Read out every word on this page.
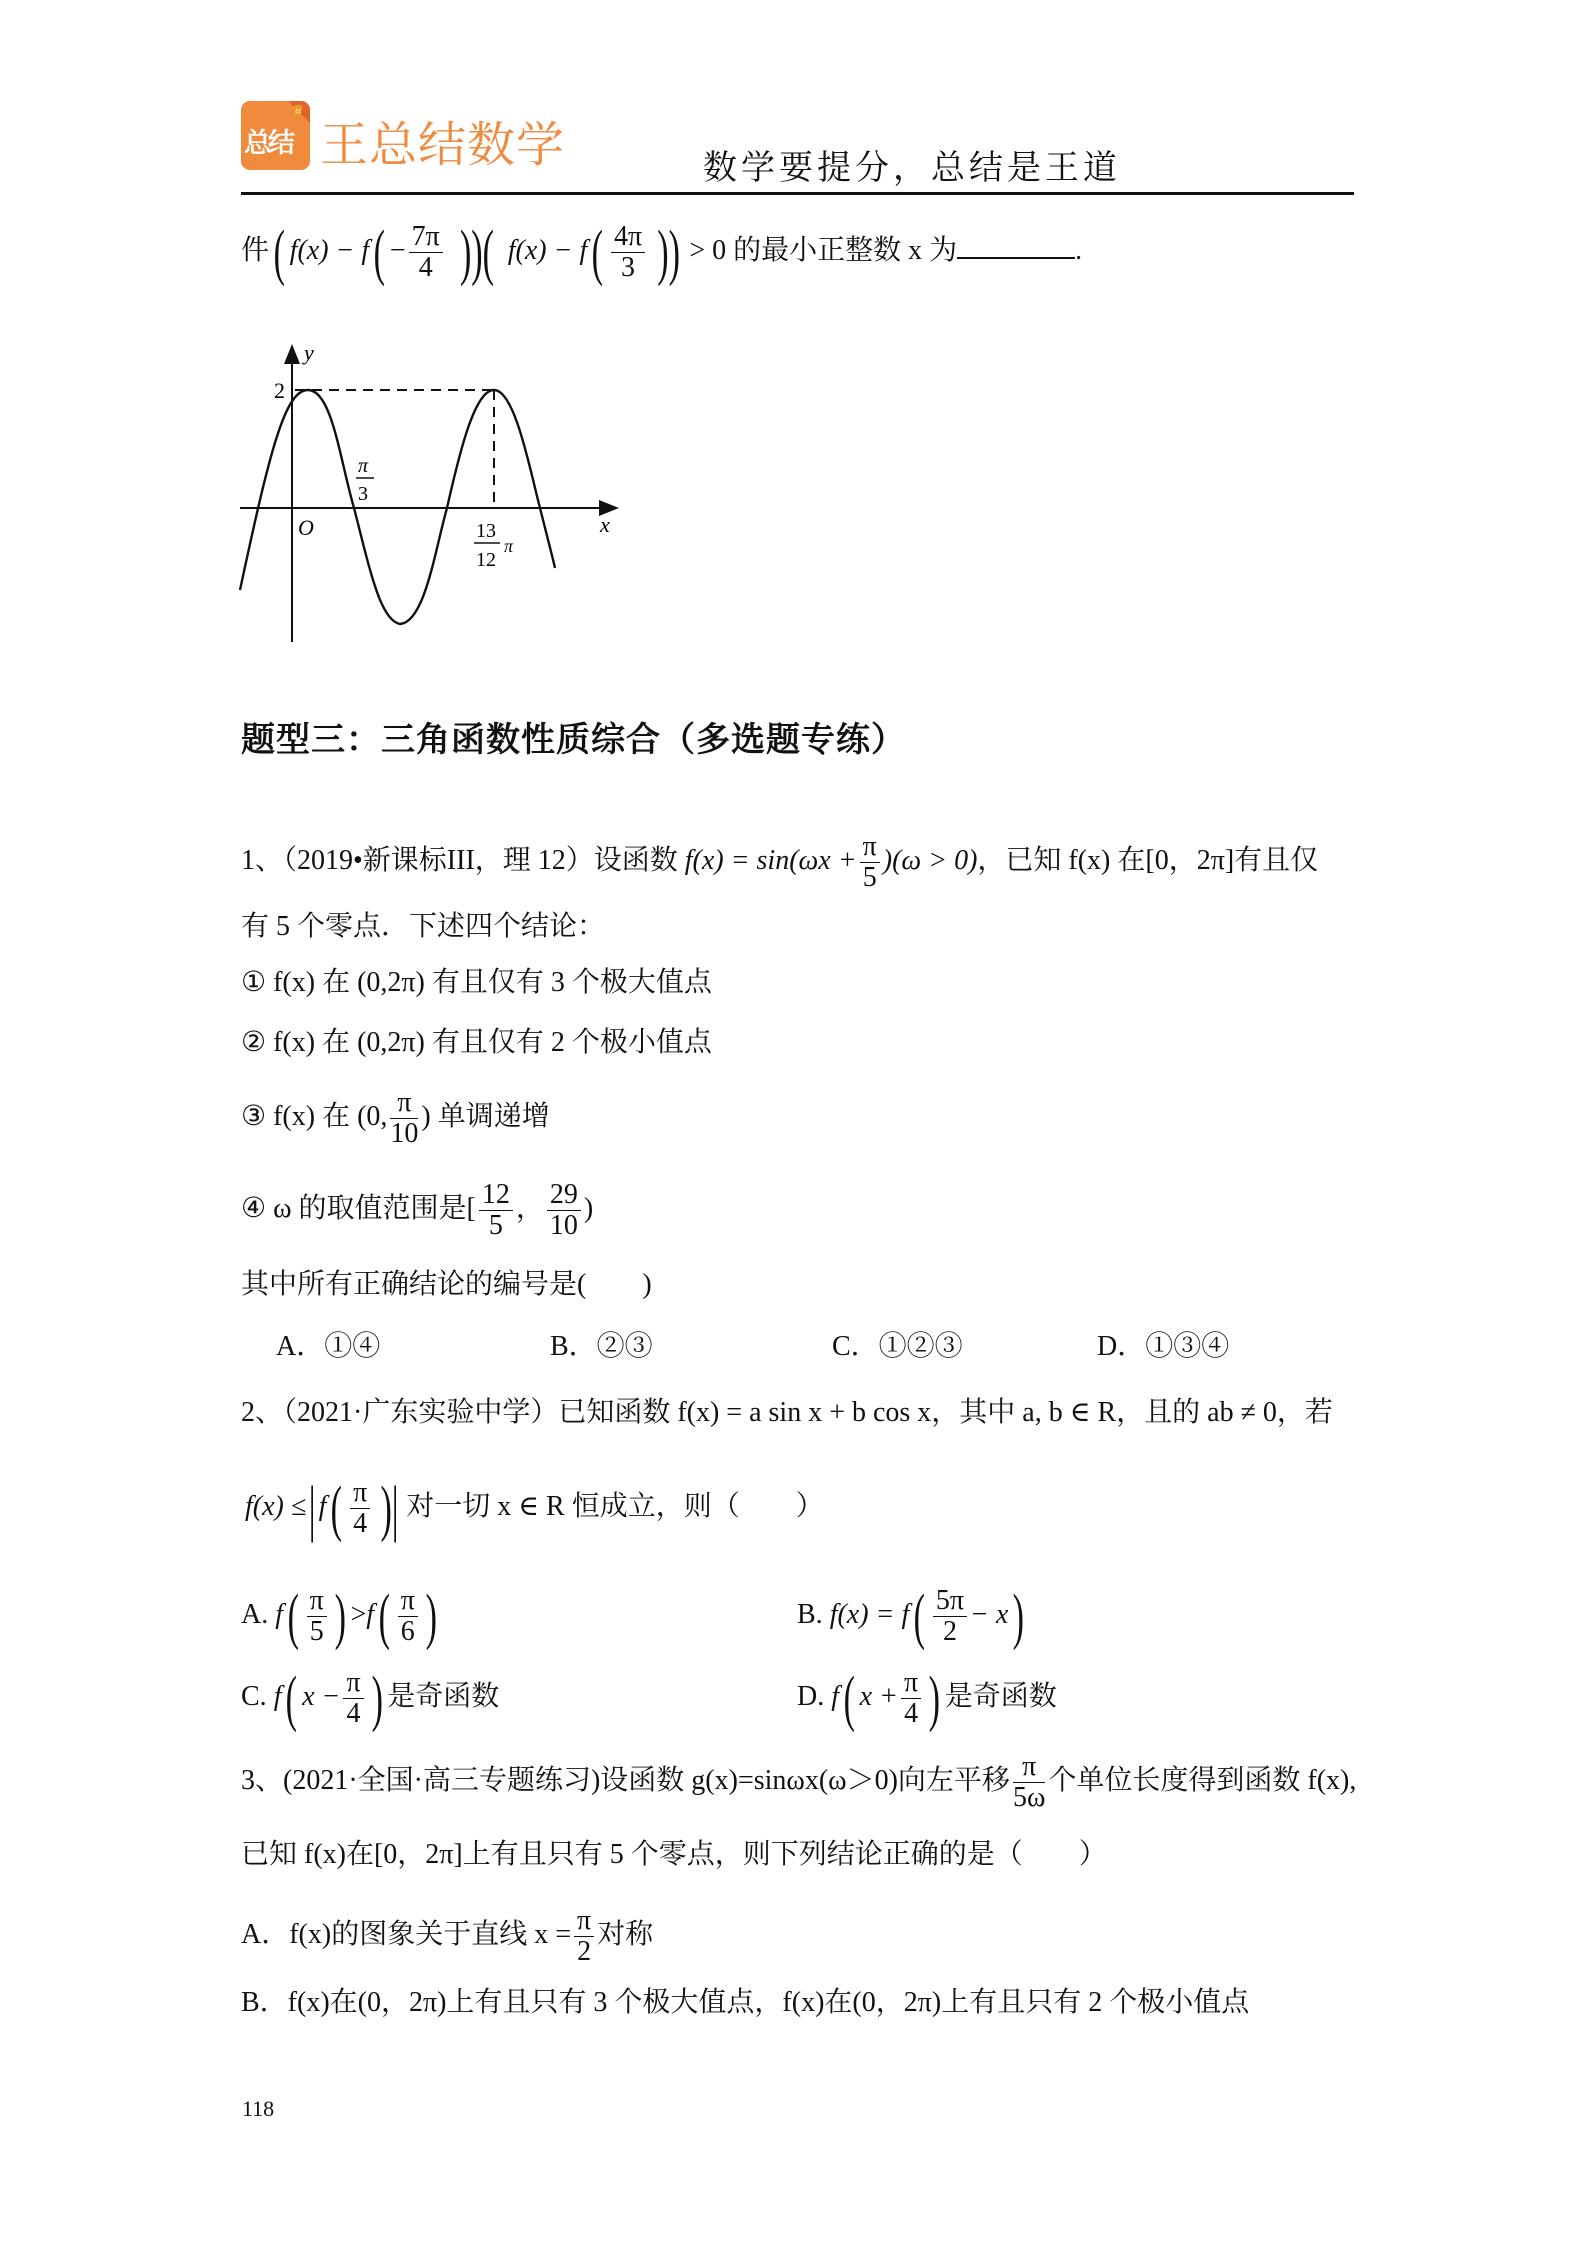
♛
总结 王总结数学	数学要提分，总结是王道
件( $f(x) - f( - \frac{7\pi}{4}$ ))( $f(x) - f( \frac{4\pi}{3}$ )) > 0 的最小正整数 x 为	.
y
2
O
π
3
13
12
π
x
题型三：三角函数性质综合（多选题专练）
1、（2019•新课标III，理 12）设函数 $f(x) = \sin(\omega x + \frac{\pi}{5} )(\omega > 0)$，已知 f(x) 在[0，2π]有且仅
有 5 个零点．下述四个结论：
① f(x) 在 (0,2π) 有且仅有 3 个极大值点
② f(x) 在 (0,2π) 有且仅有 2 个极小值点
③ f(x) 在 (0, $\frac{\pi}{10}$ ) 单调递增
④ ω 的取值范围是[ $\frac{12}{5}$ ， $\frac{29}{10}$ )
其中所有正确结论的编号是(　　)
A．①④	B．②③	C．①②③	D．①③④
2、（2021·广东实验中学）已知函数 f(x) = a sin x + b cos x，其中 a, b ∈ R，且的 ab ≠ 0，若
$f(x) \le|f( \frac{\pi}{4}$ )| 对一切 x ∈ R 恒成立，则（　　）
A. $f( \frac{\pi}{5}$ ) $>f( \frac{\pi}{6}$ )	B. $f(x) = f( \frac{5\pi}{2} - x)$
C. f( $x - \frac{\pi}{4}$ ) 是奇函数	D. f( $x + \frac{\pi}{4}$ ) 是奇函数
3、(2021·全国·高三专题练习)设函数 g(x)=sinωx(ω＞0)向左平移 $\frac{\pi}{5\omega}$ 个单位长度得到函数 f(x),
已知 f(x)在[0，2π]上有且只有 5 个零点，则下列结论正确的是（　　）
A．f(x)的图象关于直线 $x = \frac{\pi}{2}$ 对称
B．f(x)在(0，2π)上有且只有 3 个极大值点，f(x)在(0，2π)上有且只有 2 个极小值点
118
